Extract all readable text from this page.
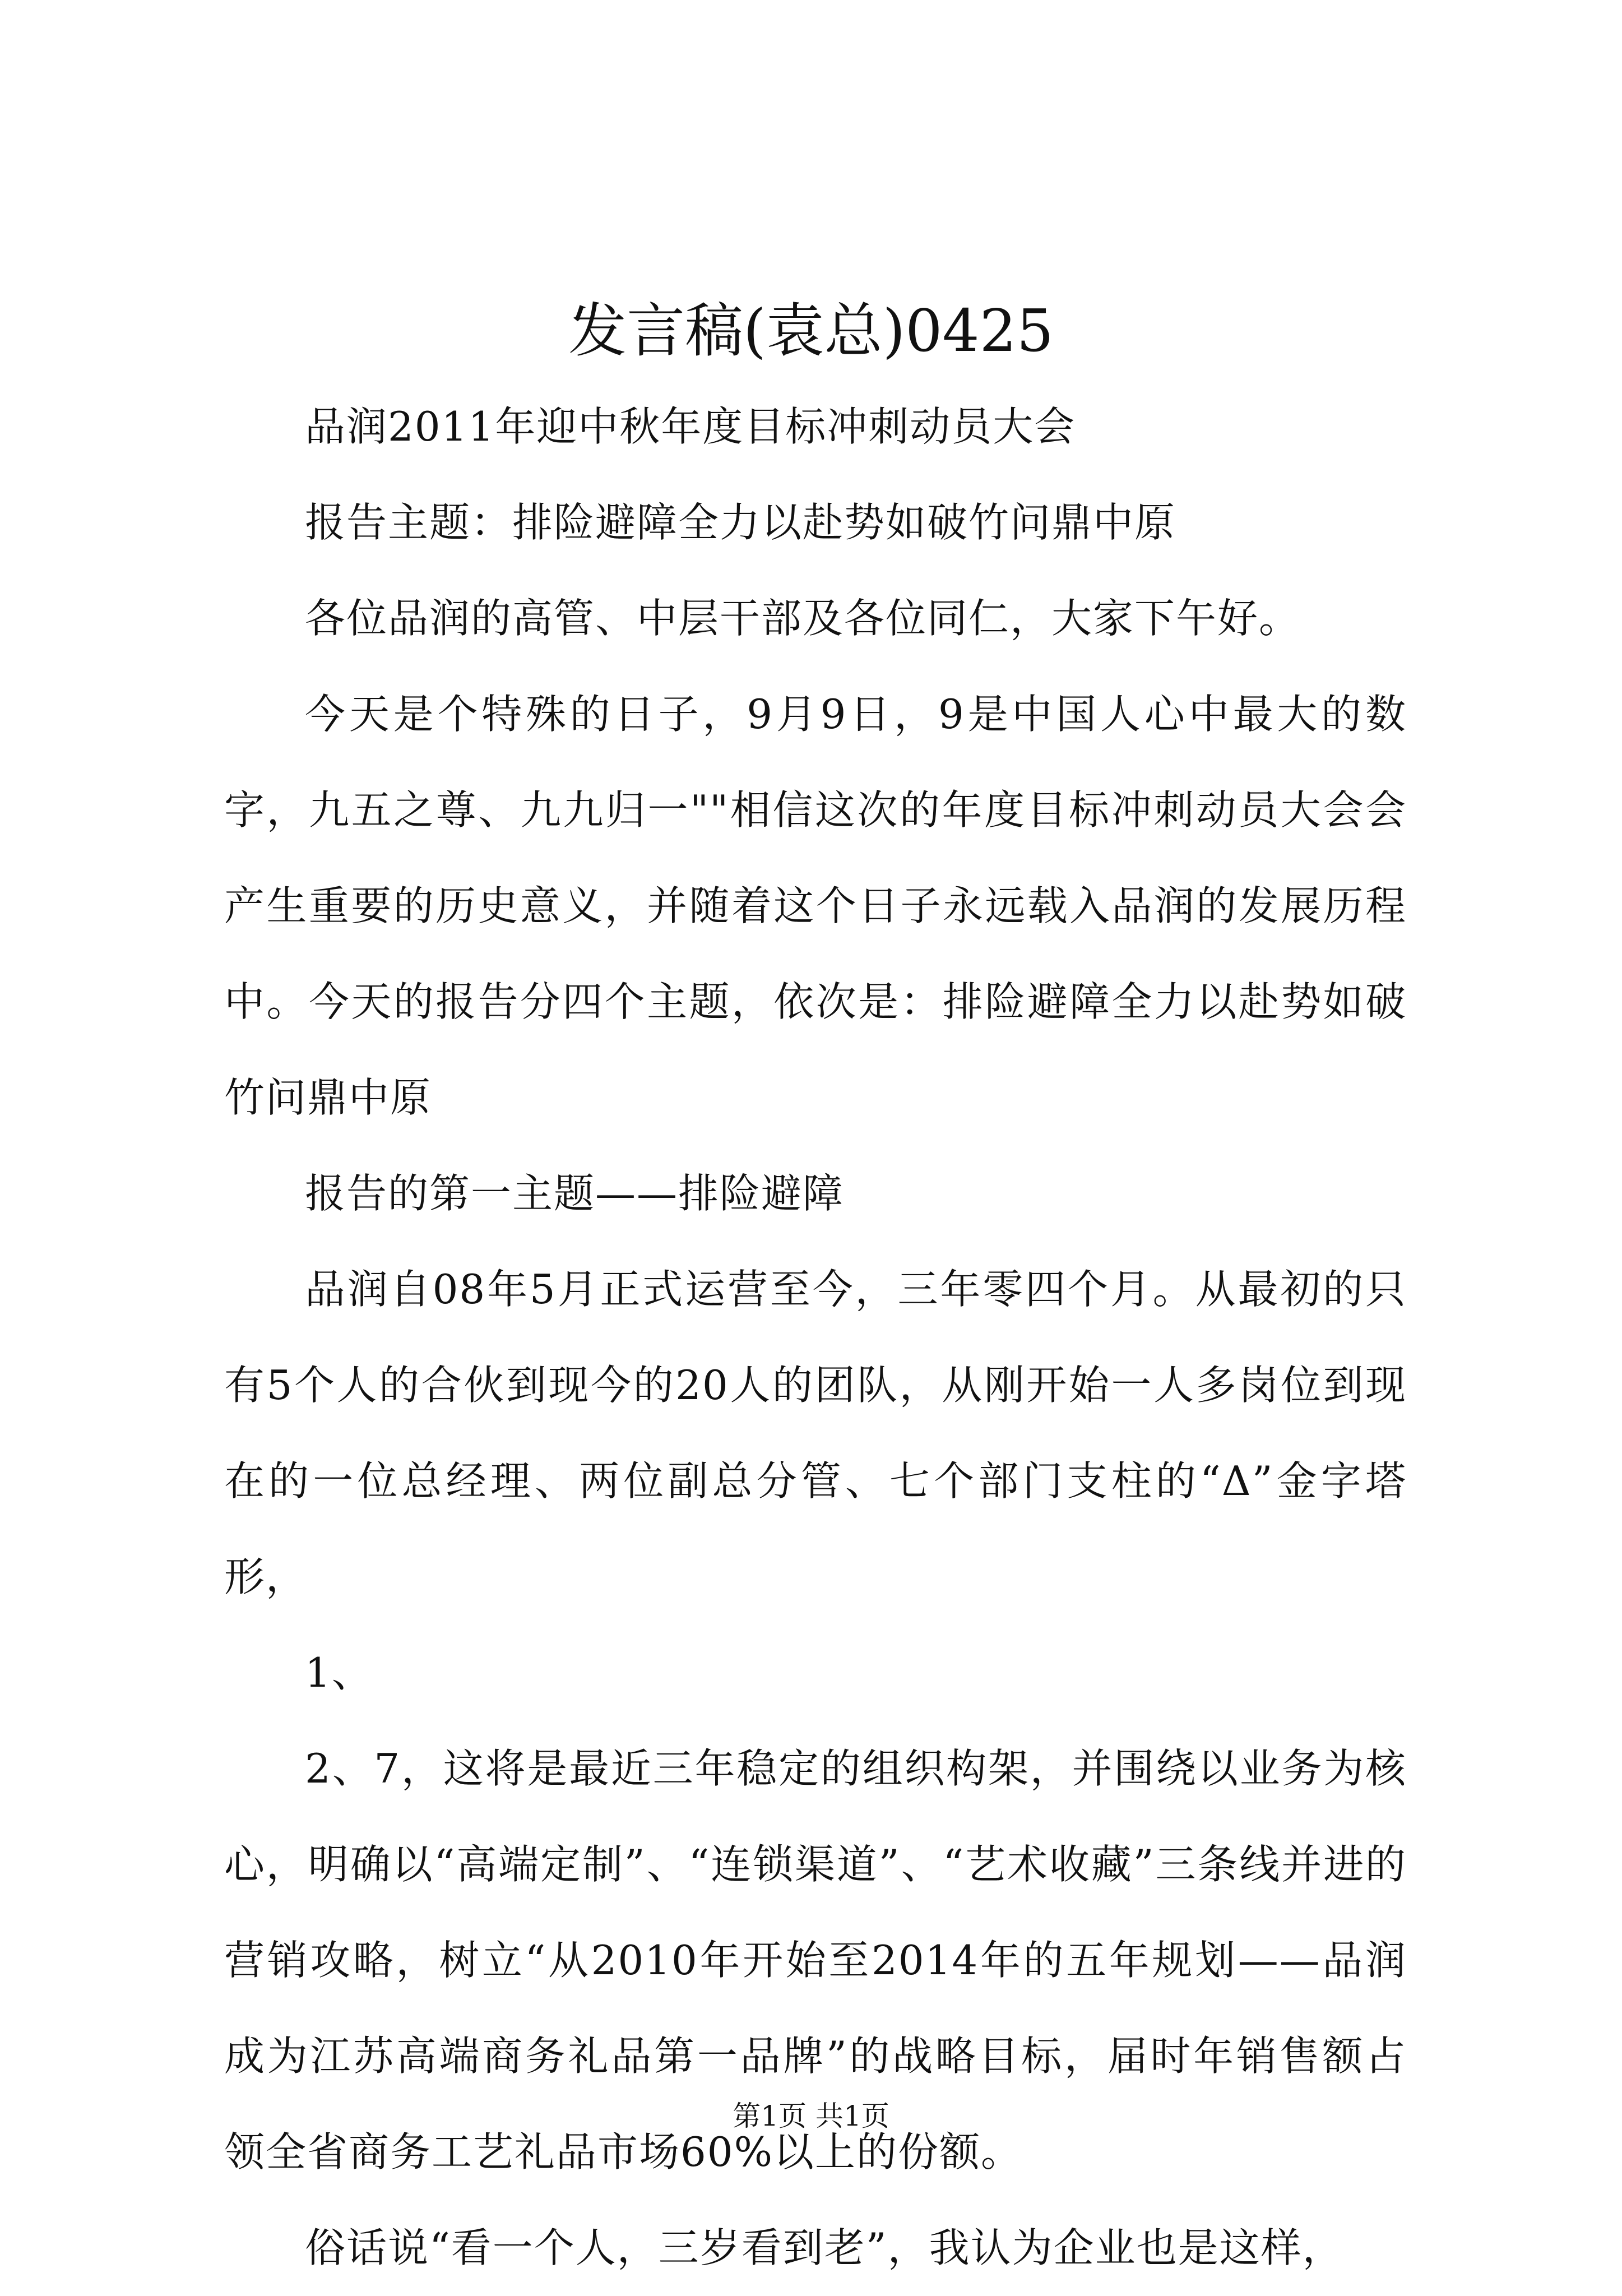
发言稿(袁总)0425

品润2011年迎中秋年度目标冲刺动员大会

报告主题：排险避障全力以赴势如破竹问鼎中原

各位品润的高管、中层干部及各位同仁，大家下午好。

今天是个特殊的日子，9月9日，9是中国人心中最大的数字，九五之尊、九九归一""相信这次的年度目标冲刺动员大会会产生重要的历史意义，并随着这个日子永远载入品润的发展历程中。今天的报告分四个主题，依次是：排险避障全力以赴势如破竹问鼎中原

报告的第一主题——排险避障

品润自08年5月正式运营至今，三年零四个月。从最初的只有5个人的合伙到现今的20人的团队，从刚开始一人多岗位到现在的一位总经理、两位副总分管、七个部门支柱的“Δ”金字塔形，

1、

2、7，这将是最近三年稳定的组织构架，并围绕以业务为核心，明确以“高端定制”、“连锁渠道”、“艺术收藏”三条线并进的营销攻略，树立“从2010年开始至2014年的五年规划——品润成为江苏高端商务礼品第一品牌”的战略目标，届时年销售额占领全省商务工艺礼品市场60%以上的份额。

俗话说“看一个人，三岁看到老”，我认为企业也是这样，

第1页 共1页
